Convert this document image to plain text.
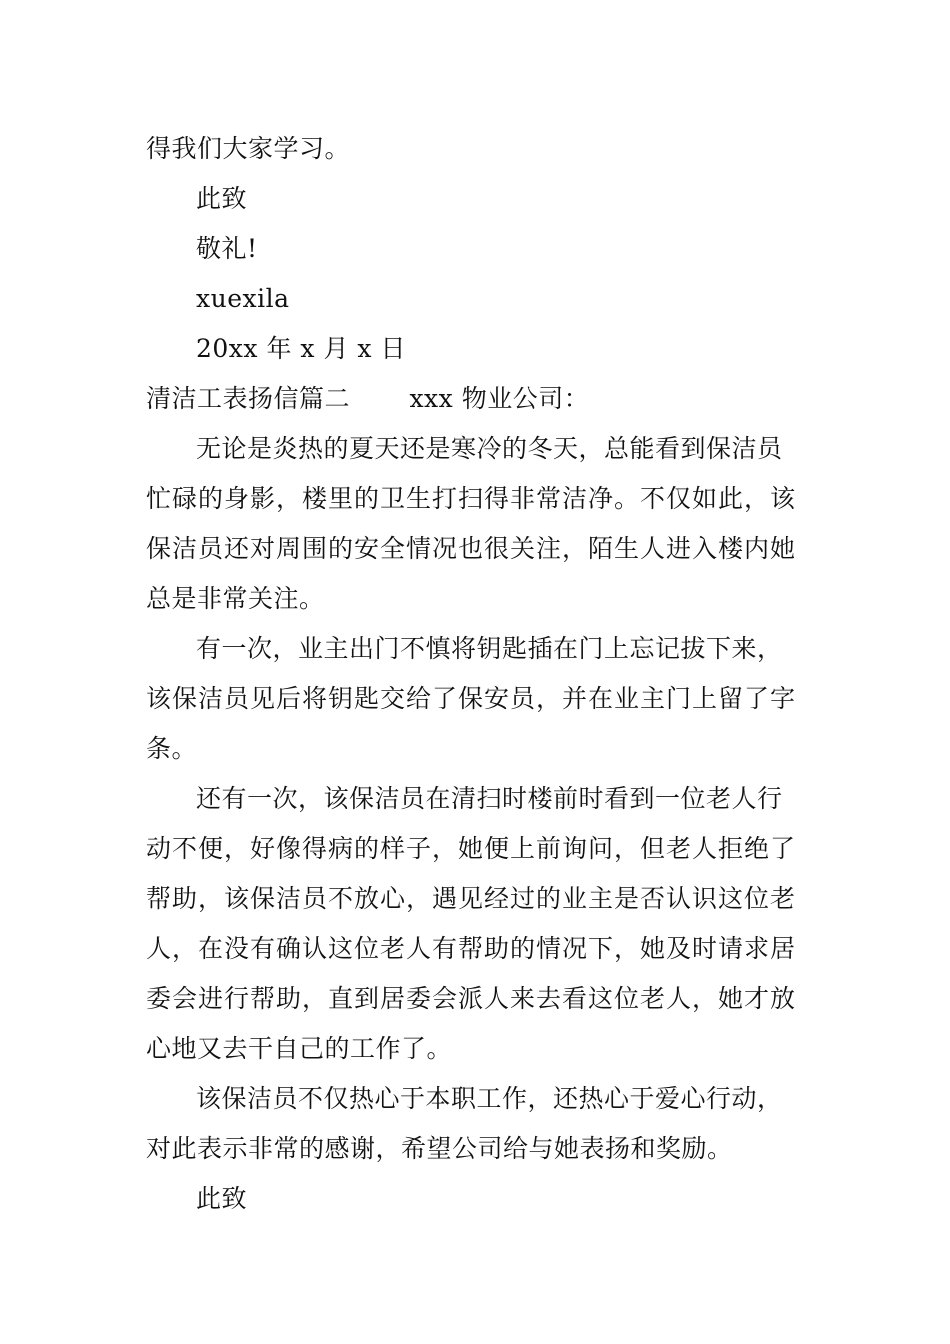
得我们大家学习。
此致
敬礼!
xuexila
20xx 年 x 月 x 日
清洁工表扬信篇二　　 xxx 物业公司：
无论是炎热的夏天还是寒冷的冬天，总能看到保洁员
忙碌的身影，楼里的卫生打扫得非常洁净。不仅如此，该
保洁员还对周围的安全情况也很关注，陌生人进入楼内她
总是非常关注。
有一次，业主出门不慎将钥匙插在门上忘记拔下来，
该保洁员见后将钥匙交给了保安员，并在业主门上留了字
条。
还有一次，该保洁员在清扫时楼前时看到一位老人行
动不便，好像得病的样子，她便上前询问，但老人拒绝了
帮助，该保洁员不放心，遇见经过的业主是否认识这位老
人，在没有确认这位老人有帮助的情况下，她及时请求居
委会进行帮助，直到居委会派人来去看这位老人，她才放
心地又去干自己的工作了。
该保洁员不仅热心于本职工作，还热心于爱心行动，
对此表示非常的感谢，希望公司给与她表扬和奖励。
此致
